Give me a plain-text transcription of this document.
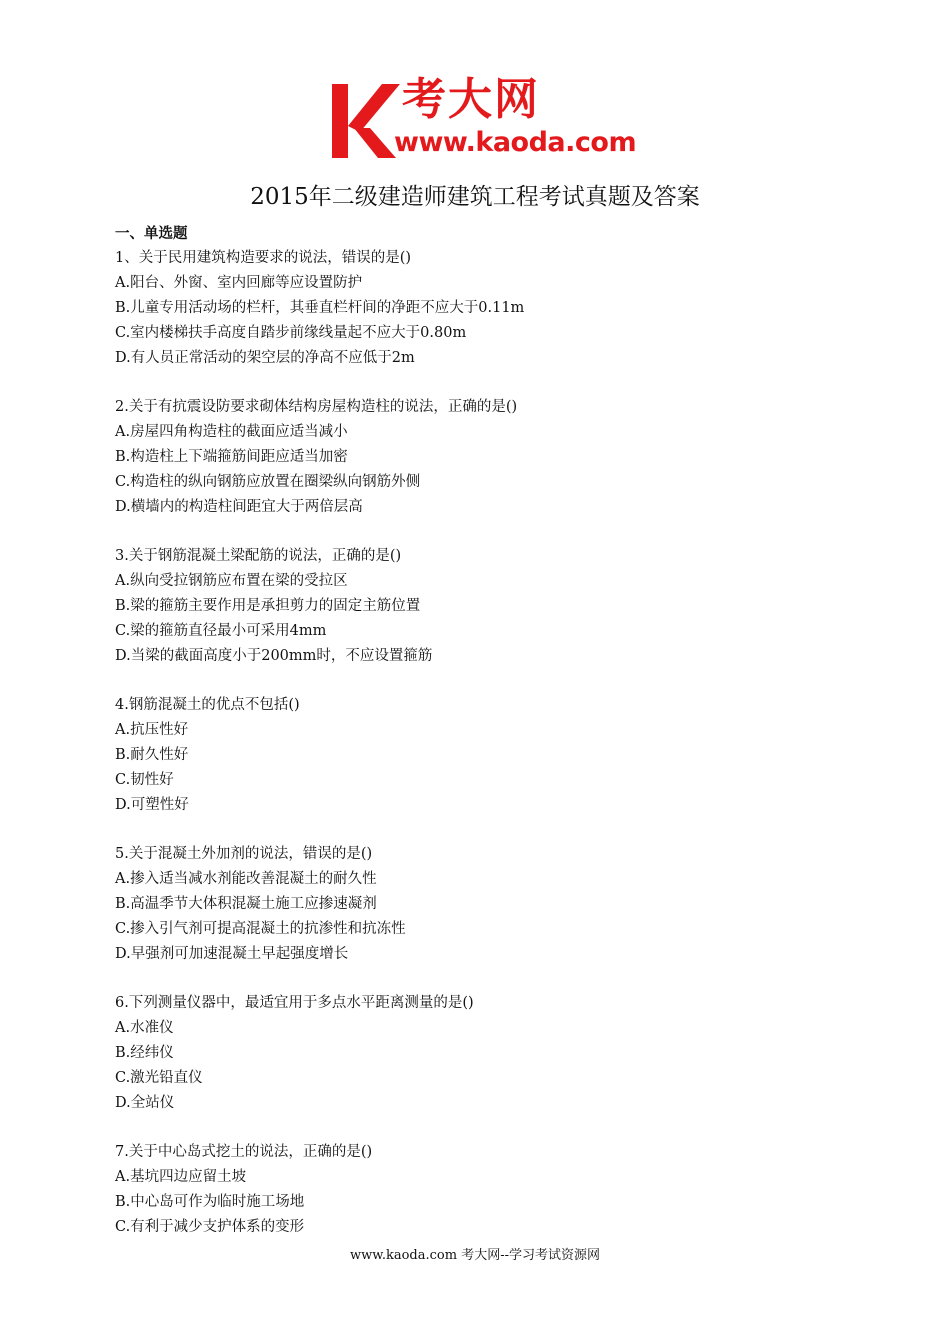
考大网
www.kaoda.com
2015年二级建造师建筑工程考试真题及答案
一、单选题
1、关于民用建筑构造要求的说法，错误的是()
A.阳台、外窗、室内回廊等应设置防护
B.儿童专用活动场的栏杆，其垂直栏杆间的净距不应大于0.11m
C.室内楼梯扶手高度自踏步前缘线量起不应大于0.80m
D.有人员正常活动的架空层的净高不应低于2m
2.关于有抗震设防要求砌体结构房屋构造柱的说法，正确的是()
A.房屋四角构造柱的截面应适当减小
B.构造柱上下端箍筋间距应适当加密
C.构造柱的纵向钢筋应放置在圈梁纵向钢筋外侧
D.横墙内的构造柱间距宜大于两倍层高
3.关于钢筋混凝土梁配筋的说法，正确的是()
A.纵向受拉钢筋应布置在梁的受拉区
B.梁的箍筋主要作用是承担剪力的固定主筋位置
C.梁的箍筋直径最小可采用4mm
D.当梁的截面高度小于200mm时，不应设置箍筋
4.钢筋混凝土的优点不包括()
A.抗压性好
B.耐久性好
C.韧性好
D.可塑性好
5.关于混凝土外加剂的说法，错误的是()
A.掺入适当减水剂能改善混凝土的耐久性
B.高温季节大体积混凝土施工应掺速凝剂
C.掺入引气剂可提高混凝土的抗渗性和抗冻性
D.早强剂可加速混凝土早起强度增长
6.下列测量仪器中，最适宜用于多点水平距离测量的是()
A.水准仪
B.经纬仪
C.激光铅直仪
D.全站仪
7.关于中心岛式挖土的说法，正确的是()
A.基坑四边应留土坡
B.中心岛可作为临时施工场地
C.有利于减少支护体系的变形
www.kaoda.com 考大网--学习考试资源网
